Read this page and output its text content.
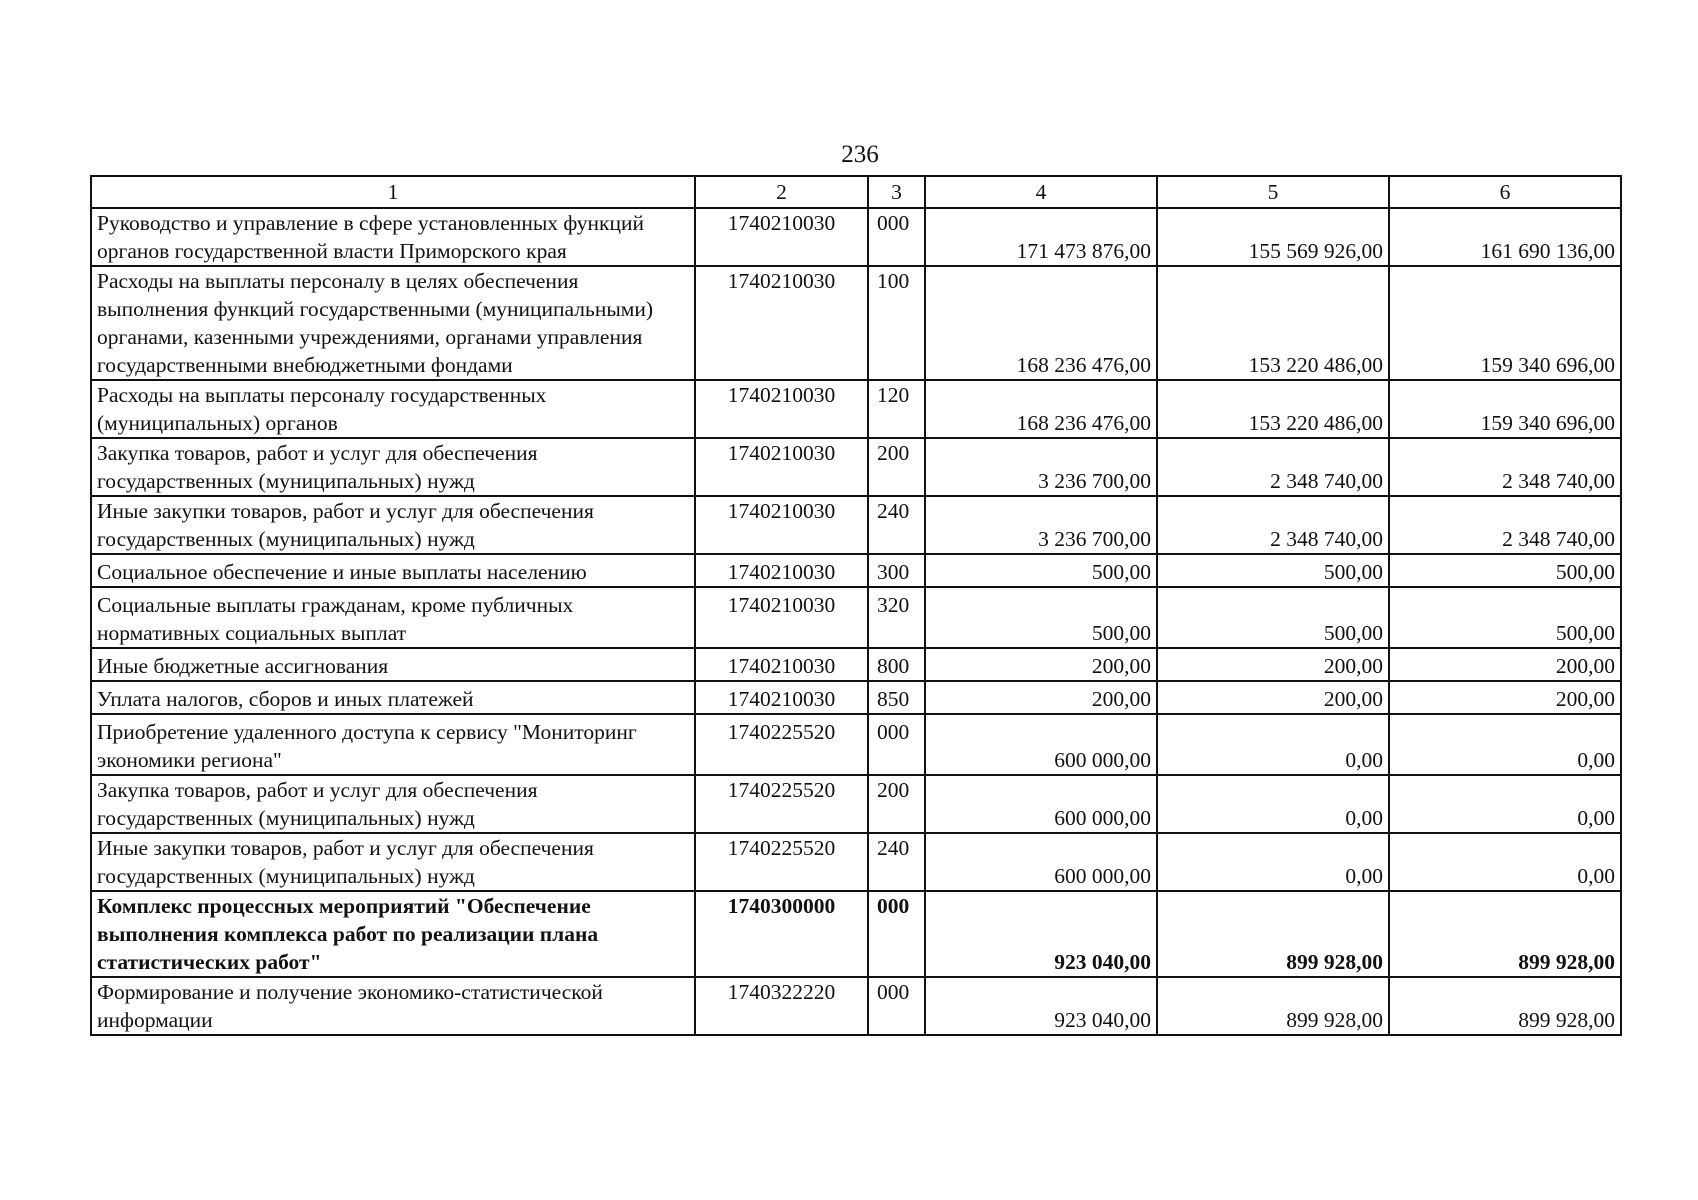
236
1	2	3	4	5	6
Руководство и управление в сфере установленных функций органов государственной власти Приморского края	1740210030	000	171 473 876,00	155 569 926,00	161 690 136,00
Расходы на выплаты персоналу в целях обеспечения выполнения функций государственными (муниципальными) органами, казенными учреждениями, органами управления государственными внебюджетными фондами	1740210030	100	168 236 476,00	153 220 486,00	159 340 696,00
Расходы на выплаты персоналу государственных (муниципальных) органов	1740210030	120	168 236 476,00	153 220 486,00	159 340 696,00
Закупка товаров, работ и услуг для обеспечения государственных (муниципальных) нужд	1740210030	200	3 236 700,00	2 348 740,00	2 348 740,00
Иные закупки товаров, работ и услуг для обеспечения государственных (муниципальных) нужд	1740210030	240	3 236 700,00	2 348 740,00	2 348 740,00
Социальное обеспечение и иные выплаты населению	1740210030	300	500,00	500,00	500,00
Социальные выплаты гражданам, кроме публичных нормативных социальных выплат	1740210030	320	500,00	500,00	500,00
Иные бюджетные ассигнования	1740210030	800	200,00	200,00	200,00
Уплата налогов, сборов и иных платежей	1740210030	850	200,00	200,00	200,00
Приобретение удаленного доступа к сервису "Мониторинг экономики региона"	1740225520	000	600 000,00	0,00	0,00
Закупка товаров, работ и услуг для обеспечения государственных (муниципальных) нужд	1740225520	200	600 000,00	0,00	0,00
Иные закупки товаров, работ и услуг для обеспечения государственных (муниципальных) нужд	1740225520	240	600 000,00	0,00	0,00
Комплекс процессных мероприятий "Обеспечение выполнения комплекса работ по реализации плана статистических работ"	1740300000	000	923 040,00	899 928,00	899 928,00
Формирование и получение экономико-статистической информации	1740322220	000	923 040,00	899 928,00	899 928,00
